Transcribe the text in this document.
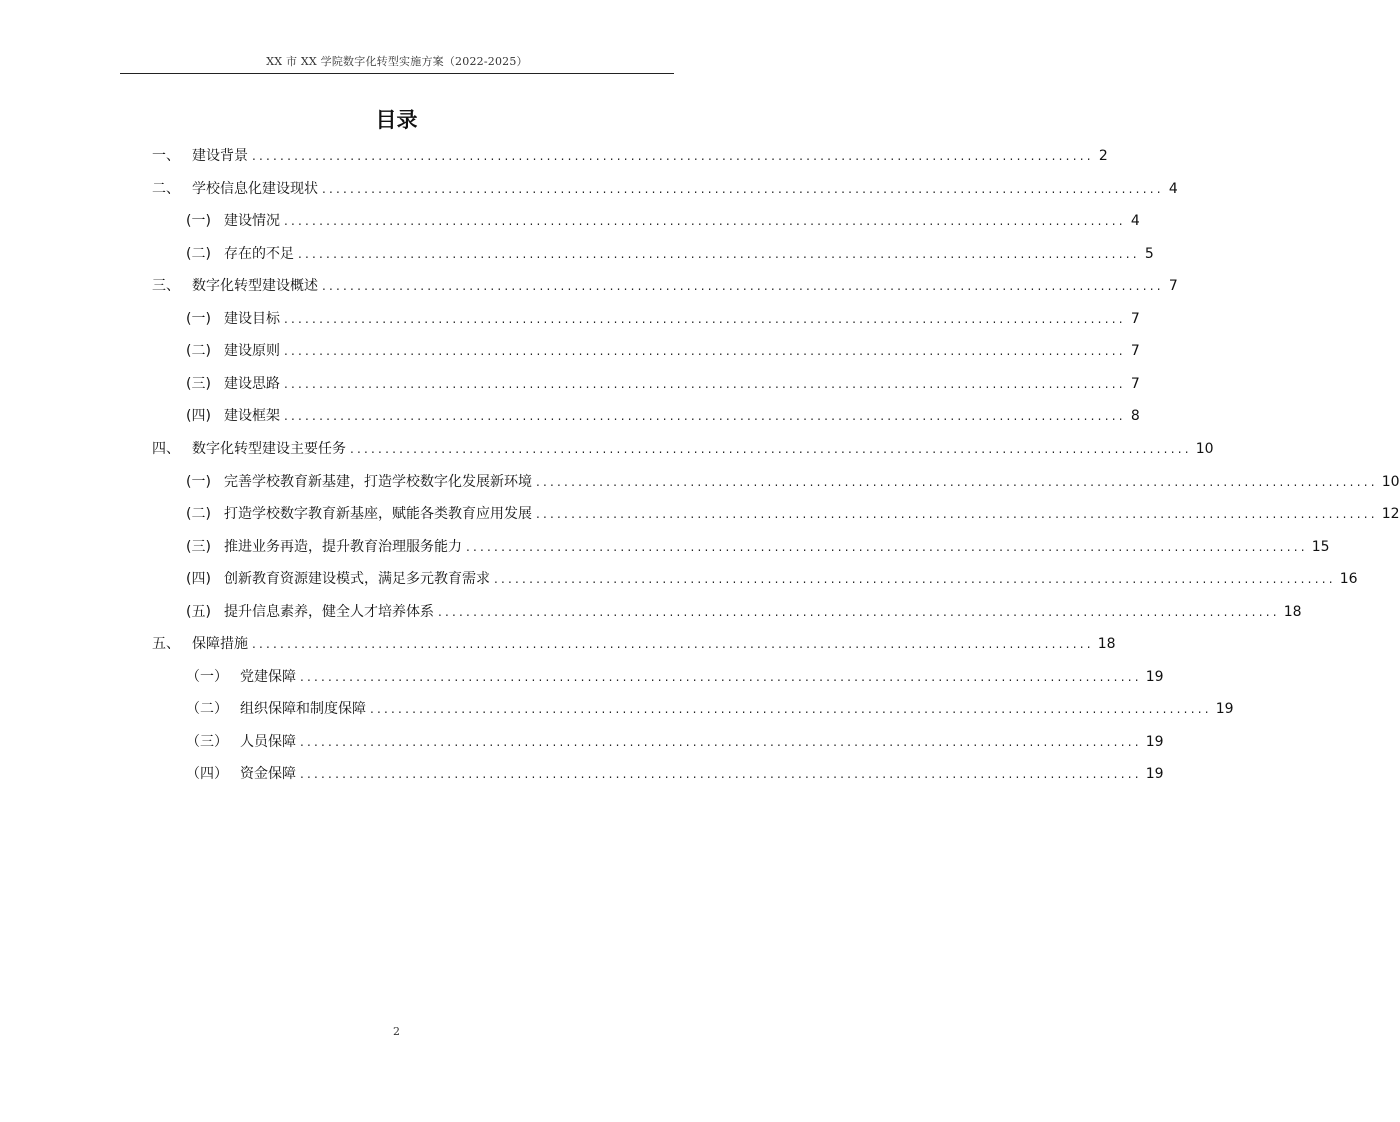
XX 市 XX 学院数字化转型实施方案（2022-2025）
目录
一、 建设背景 ........................................................................................................................ 2
二、 学校信息化建设现状 ........................................................................................................................ 4
(一) 建设情况 ........................................................................................................................ 4
(二) 存在的不足 ........................................................................................................................ 5
三、 数字化转型建设概述 ........................................................................................................................ 7
(一) 建设目标 ........................................................................................................................ 7
(二) 建设原则 ........................................................................................................................ 7
(三) 建设思路 ........................................................................................................................ 7
(四) 建设框架 ........................................................................................................................ 8
四、 数字化转型建设主要任务 ........................................................................................................................ 10
(一) 完善学校教育新基建，打造学校数字化发展新环境 ........................................................................................................................ 10
(二) 打造学校数字教育新基座，赋能各类教育应用发展 ........................................................................................................................ 12
(三) 推进业务再造，提升教育治理服务能力 ........................................................................................................................ 15
(四) 创新教育资源建设模式，满足多元教育需求 ........................................................................................................................ 16
(五) 提升信息素养，健全人才培养体系 ........................................................................................................................ 18
五、 保障措施 ........................................................................................................................ 18
（一） 党建保障 ........................................................................................................................ 19
（二） 组织保障和制度保障 ........................................................................................................................ 19
（三） 人员保障 ........................................................................................................................ 19
（四） 资金保障 ........................................................................................................................ 19
2
